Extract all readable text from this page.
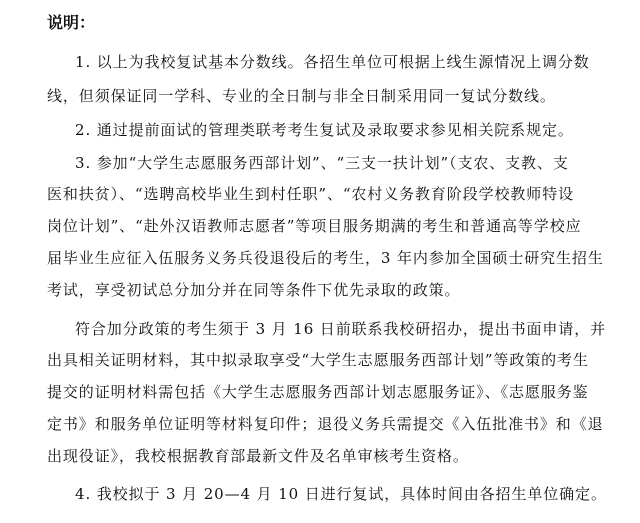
说明：
1. 以上为我校复试基本分数线。各招生单位可根据上线生源情况上调分数
线，但须保证同一学科、专业的全日制与非全日制采用同一复试分数线。
2. 通过提前面试的管理类联考考生复试及录取要求参见相关院系规定。
3. 参加“大学生志愿服务西部计划”、“三支一扶计划”（支农、支教、支
医和扶贫）、“选聘高校毕业生到村任职”、“农村义务教育阶段学校教师特设
岗位计划”、“赴外汉语教师志愿者”等项目服务期满的考生和普通高等学校应
届毕业生应征入伍服务义务兵役退役后的考生，3 年内参加全国硕士研究生招生
考试，享受初试总分加分并在同等条件下优先录取的政策。
符合加分政策的考生须于 3 月 16 日前联系我校研招办，提出书面申请，并
出具相关证明材料，其中拟录取享受“大学生志愿服务西部计划”等政策的考生
提交的证明材料需包括《大学生志愿服务西部计划志愿服务证》、《志愿服务鉴
定书》和服务单位证明等材料复印件；退役义务兵需提交《入伍批准书》和《退
出现役证》，我校根据教育部最新文件及名单审核考生资格。
4. 我校拟于 3 月 20—4 月 10 日进行复试，具体时间由各招生单位确定。
